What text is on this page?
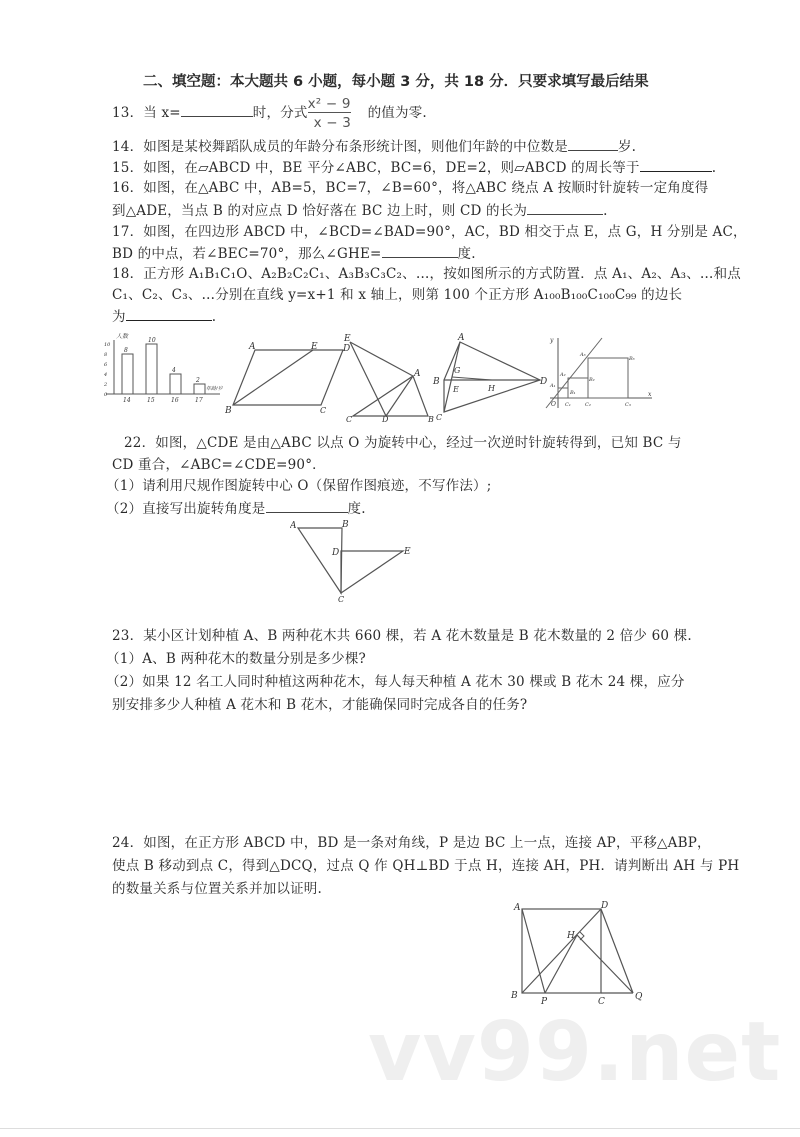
二、填空题：本大题共 6 小题，每小题 3 分，共 18 分．只要求填写最后结果
13．当 x=	时，分式 $\frac{\text{x² − 9}}{x - 3}$ 的值为零.
14．如图是某校舞蹈队成员的年龄分布条形统计图，则他们年龄的中位数是	岁.
15．如图，在▱ABCD 中，BE 平分∠ABC，BC=6，DE=2，则▱ABCD 的周长等于	.
16．如图，在△ABC 中，AB=5，BC=7，∠B=60°，将△ABC 绕点 A 按顺时针旋转一定角度得
到△ADE，当点 B 的对应点 D 恰好落在 BC 边上时，则 CD 的长为	.
17．如图，在四边形 ABCD 中，∠BCD=∠BAD=90°，AC，BD 相交于点 E，点 G，H 分别是 AC，
BD 的中点，若∠BEC=70°，那么∠GHE=	度.
18．正方形 A₁B₁C₁O、A₂B₂C₂C₁、A₃B₃C₃C₂、…，按如图所示的方式防置．点 A₁、A₂、A₃、…和点
C₁、C₂、C₃、…分别在直线 y=x+1 和 x 轴上，则第 100 个正方形 A₁₀₀B₁₀₀C₁₀₀C₉₉ 的边长
为	.
人数
年龄/岁
0
2
4
6
8
10
8
14
10
15
4
16
2
17
A	E	D
B	C
E
A
C	D	B
A
B
G
E	H
D
C
y
O
x
A₁
A₂
A₃
B₁
B₂
B₃
C₁	C₂	C₃
22．如图，△CDE 是由△ABC 以点 O 为旋转中心，经过一次逆时针旋转得到，已知 BC 与
CD 重合，∠ABC=∠CDE=90°．
（1）请利用尺规作图旋转中心 O（保留作图痕迹，不写作法）;
（2）直接写出旋转角度是	度.
A	B
D	E
C
23．某小区计划种植 A、B 两种花木共 660 棵，若 A 花木数量是 B 花木数量的 2 倍少 60 棵.
（1）A、B 两种花木的数量分别是多少棵?
（2）如果 12 名工人同时种植这两种花木，每人每天种植 A 花木 30 棵或 B 花木 24 棵，应分
别安排多少人种植 A 花木和 B 花木，才能确保同时完成各自的任务?
24．如图，在正方形 ABCD 中，BD 是一条对角线，P 是边 BC 上一点，连接 AP，平移△ABP，
使点 B 移动到点 C，得到△DCQ，过点 Q 作 QH⊥BD 于点 H，连接 AH，PH．请判断出 AH 与 PH
的数量关系与位置关系并加以证明.
A	D
H
B
P	C	Q
vv99.net
